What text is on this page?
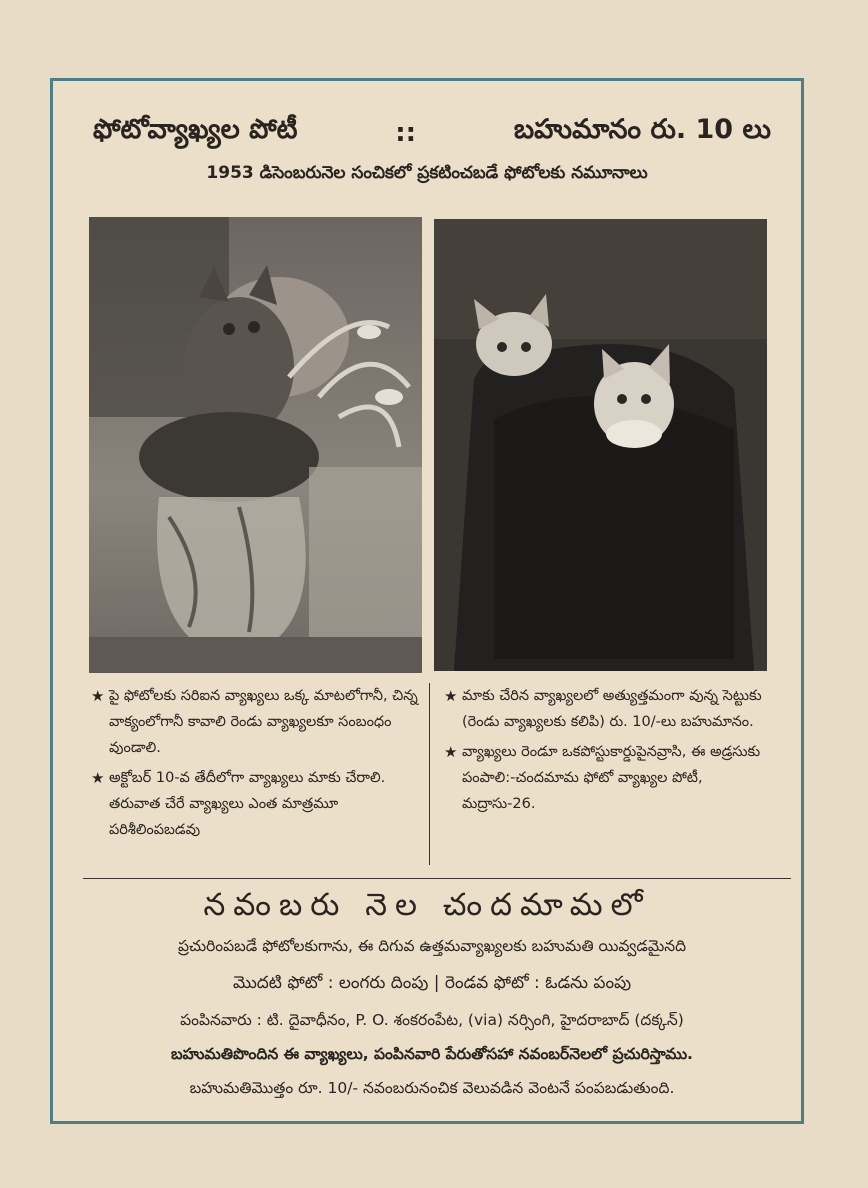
ఫోటోవ్యాఖ్యల పోటీ	::	బహుమానం రు. 10 లు
1953 డిసెంబరునెల సంచికలో ప్రకటించబడే ఫోటోలకు నమూనాలు
★ పై ఫోటోలకు సరిఐన వ్యాఖ్యలు ఒక్క మాటలోగానీ, చిన్న వాక్యంలోగానీ కావాలి రెండు వ్యాఖ్యలకూ సంబంధం వుండాలి.
★ అక్టోబర్ 10-వ తేదీలోగా వ్యాఖ్యలు మాకు చేరాలి. తరువాత చేరే వ్యాఖ్యలు ఎంత మాత్రమూ పరిశీలింపబడవు
★ మాకు చేరిన వ్యాఖ్యలలో అత్యుత్తమంగా వున్న సెట్టుకు (రెండు వ్యాఖ్యలకు కలిపి) రు. 10/-లు బహుమానం.
★ వ్యాఖ్యలు రెండూ ఒకపోస్టుకార్డుపైనవ్రాసి, ఈ అడ్రసుకు పంపాలి:-చందమామ ఫోటో వ్యాఖ్యల పోటీ, మద్రాసు-26.
నవంబరు నెల చందమామలో
ప్రచురింపబడే ఫోటోలకుగాను, ఈ దిగువ ఉత్తమవ్యాఖ్యలకు బహుమతి యివ్వడమైనది
మొదటి ఫోటో : లంగరు దింపు | రెండవ ఫోటో : ఓడను పంపు
పంపినవారు : టి. దైవాధీనం, P. O. శంకరంపేట, (via) నర్సింగి, హైదరాబాద్ (దక్కన్)
బహుమతిపొందిన ఈ వ్యాఖ్యలు, పంపినవారి పేరుతోసహా నవంబర్‌నెలలో ప్రచురిస్తాము.
బహుమతిమొత్తం రూ. 10/- నవంబరునంచిక వెలువడిన వెంటనే పంపబడుతుంది.
